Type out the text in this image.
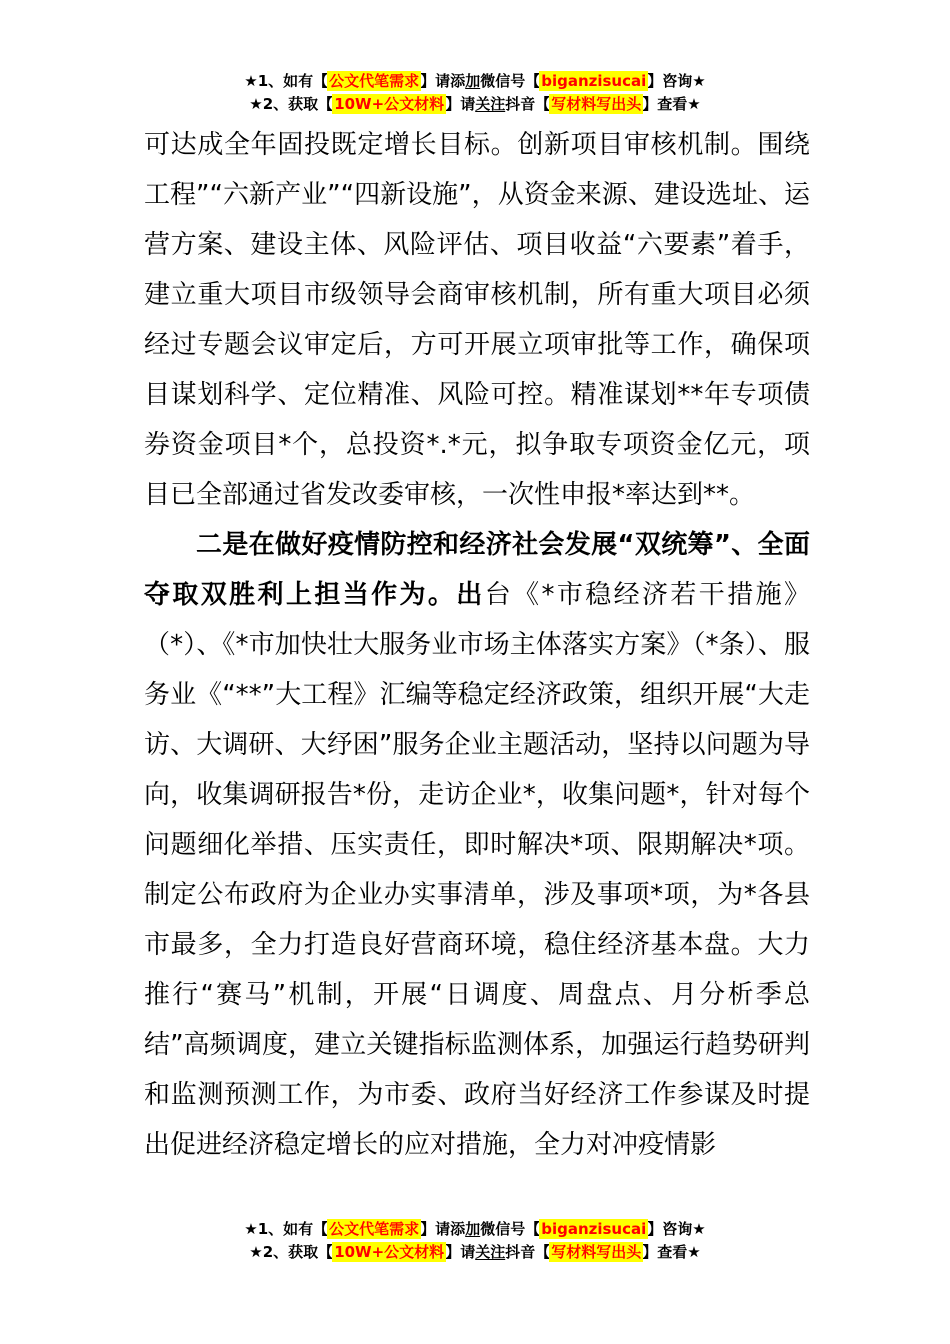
★1、如有【公文代笔需求】请添加微信号【biganzisucai】咨询★
★2、获取【10W+公文材料】请关注抖音【写材料写出头】查看★

可达成全年固投既定增长目标。创新项目审核机制。围绕工程”“六新产业”“四新设施”，从资金来源、建设选址、运营方案、建设主体、风险评估、项目收益“六要素”着手，建立重大项目市级领导会商审核机制，所有重大项目必须经过专题会议审定后，方可开展立项审批等工作，确保项目谋划科学、定位精准、风险可控。精准谋划**年专项债券资金项目*个，总投资*.*元，拟争取专项资金亿元，项目已全部通过省发改委审核，一次性申报*率达到**。

二是在做好疫情防控和经济社会发展“双统筹”、全面夺取双胜利上担当作为。出台《*市稳经济若干措施》（*）、《*市加快壮大服务业市场主体落实方案》（*条）、服务业《“**”大工程》汇编等稳定经济政策，组织开展“大走访、大调研、大纾困”服务企业主题活动，坚持以问题为导向，收集调研报告*份，走访企业*，收集问题*，针对每个问题细化举措、压实责任，即时解决*项、限期解决*项。制定公布政府为企业办实事清单，涉及事项*项，为*各县市最多，全力打造良好营商环境，稳住经济基本盘。大力推行“赛马”机制，开展“日调度、周盘点、月分析季总结”高频调度，建立关键指标监测体系，加强运行趋势研判和监测预测工作，为市委、政府当好经济工作参谋及时提出促进经济稳定增长的应对措施，全力对冲疫情影

★1、如有【公文代笔需求】请添加微信号【biganzisucai】咨询★
★2、获取【10W+公文材料】请关注抖音【写材料写出头】查看★
